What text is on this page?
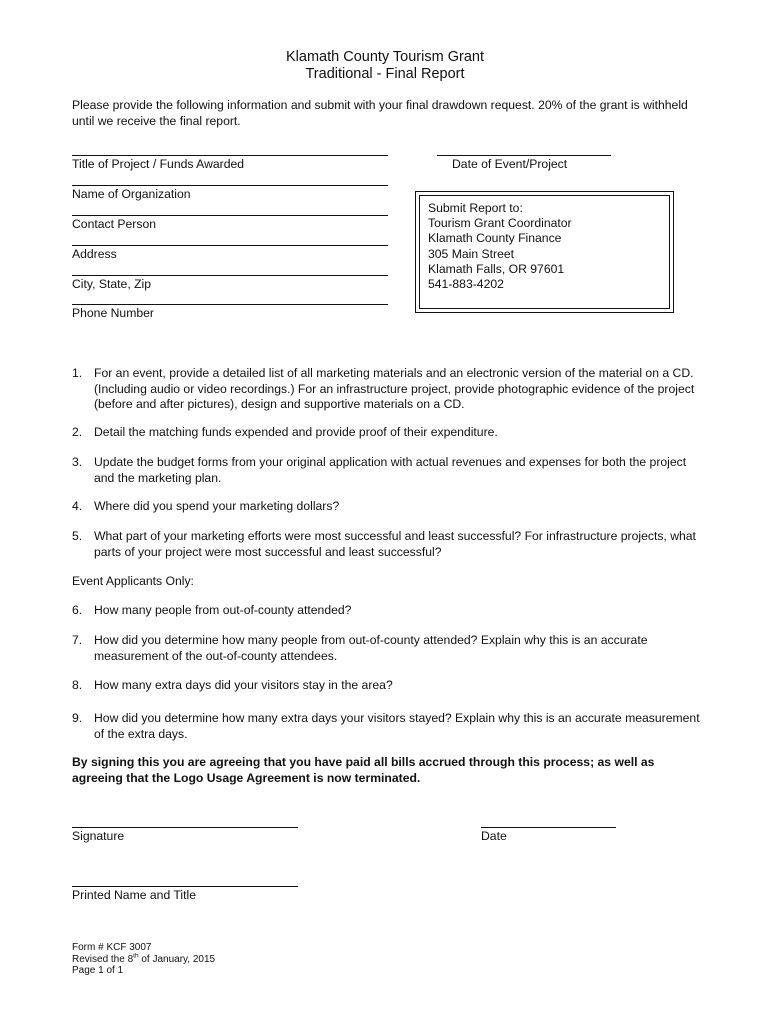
Klamath County Tourism Grant
Traditional - Final Report
Please provide the following information and submit with your final drawdown request. 20% of the grant is withheld until we receive the final report.
Title of Project / Funds Awarded	Date of Event/Project
Name of Organization
Contact Person
Address
City, State, Zip
Phone Number
Submit Report to:
Tourism Grant Coordinator
Klamath County Finance
305 Main Street
Klamath Falls, OR 97601
541-883-4202
1. For an event, provide a detailed list of all marketing materials and an electronic version of the material on a CD. (Including audio or video recordings.) For an infrastructure project, provide photographic evidence of the project (before and after pictures), design and supportive materials on a CD.
2. Detail the matching funds expended and provide proof of their expenditure.
3. Update the budget forms from your original application with actual revenues and expenses for both the project and the marketing plan.
4. Where did you spend your marketing dollars?
5. What part of your marketing efforts were most successful and least successful? For infrastructure projects, what parts of your project were most successful and least successful?
Event Applicants Only:
6. How many people from out-of-county attended?
7. How did you determine how many people from out-of-county attended? Explain why this is an accurate measurement of the out-of-county attendees.
8. How many extra days did your visitors stay in the area?
9. How did you determine how many extra days your visitors stayed? Explain why this is an accurate measurement of the extra days.
By signing this you are agreeing that you have paid all bills accrued through this process; as well as agreeing that the Logo Usage Agreement is now terminated.
Signature	Date
Printed Name and Title
Form # KCF 3007
Revised the 8th of January, 2015
Page 1 of 1
